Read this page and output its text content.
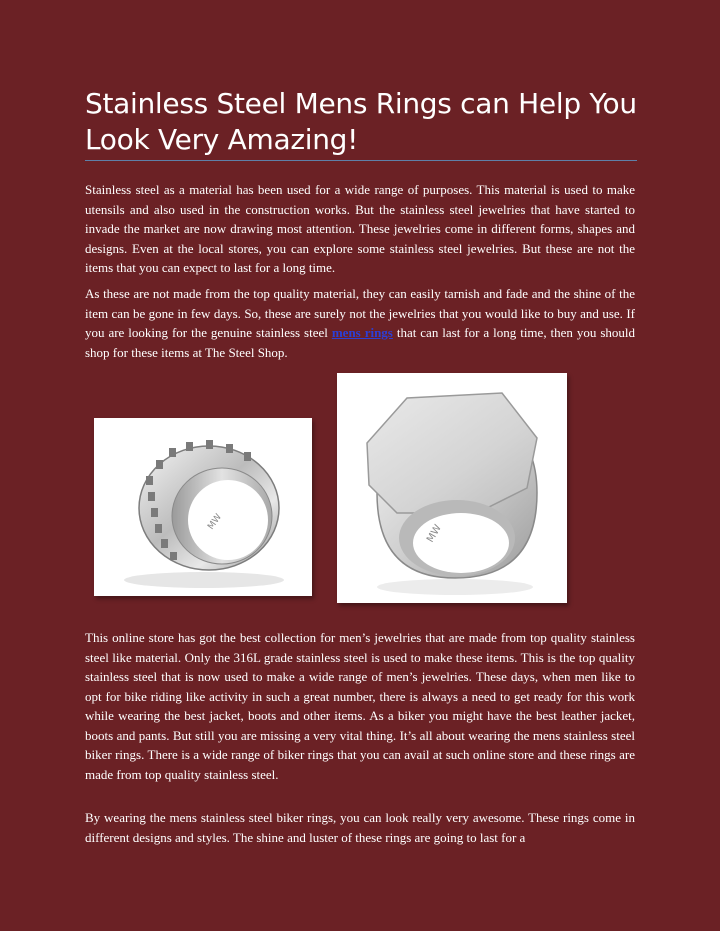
Stainless Steel Mens Rings can Help You Look Very Amazing!

Stainless steel as a material has been used for a wide range of purposes. This material is used to make utensils and also used in the construction works. But the stainless steel jewelries that have started to invade the market are now drawing most attention. These jewelries come in different forms, shapes and designs. Even at the local stores, you can explore some stainless steel jewelries. But these are not the items that you can expect to last for a long time.

As these are not made from the top quality material, they can easily tarnish and fade and the shine of the item can be gone in few days. So, these are surely not the jewelries that you would like to buy and use. If you are looking for the genuine stainless steel mens rings that can last for a long time, then you should shop for these items at The Steel Shop.

MW
MW

This online store has got the best collection for men’s jewelries that are made from top quality stainless steel like material. Only the 316L grade stainless steel is used to make these items. This is the top quality stainless steel that is now used to make a wide range of men’s jewelries. These days, when men like to opt for bike riding like activity in such a great number, there is always a need to get ready for this work while wearing the best jacket, boots and other items. As a biker you might have the best leather jacket, boots and pants. But still you are missing a very vital thing. It’s all about wearing the mens stainless steel biker rings. There is a wide range of biker rings that you can avail at such online store and these rings are made from top quality stainless steel.

By wearing the mens stainless steel biker rings, you can look really very awesome. These rings come in different designs and styles. The shine and luster of these rings are going to last for a
